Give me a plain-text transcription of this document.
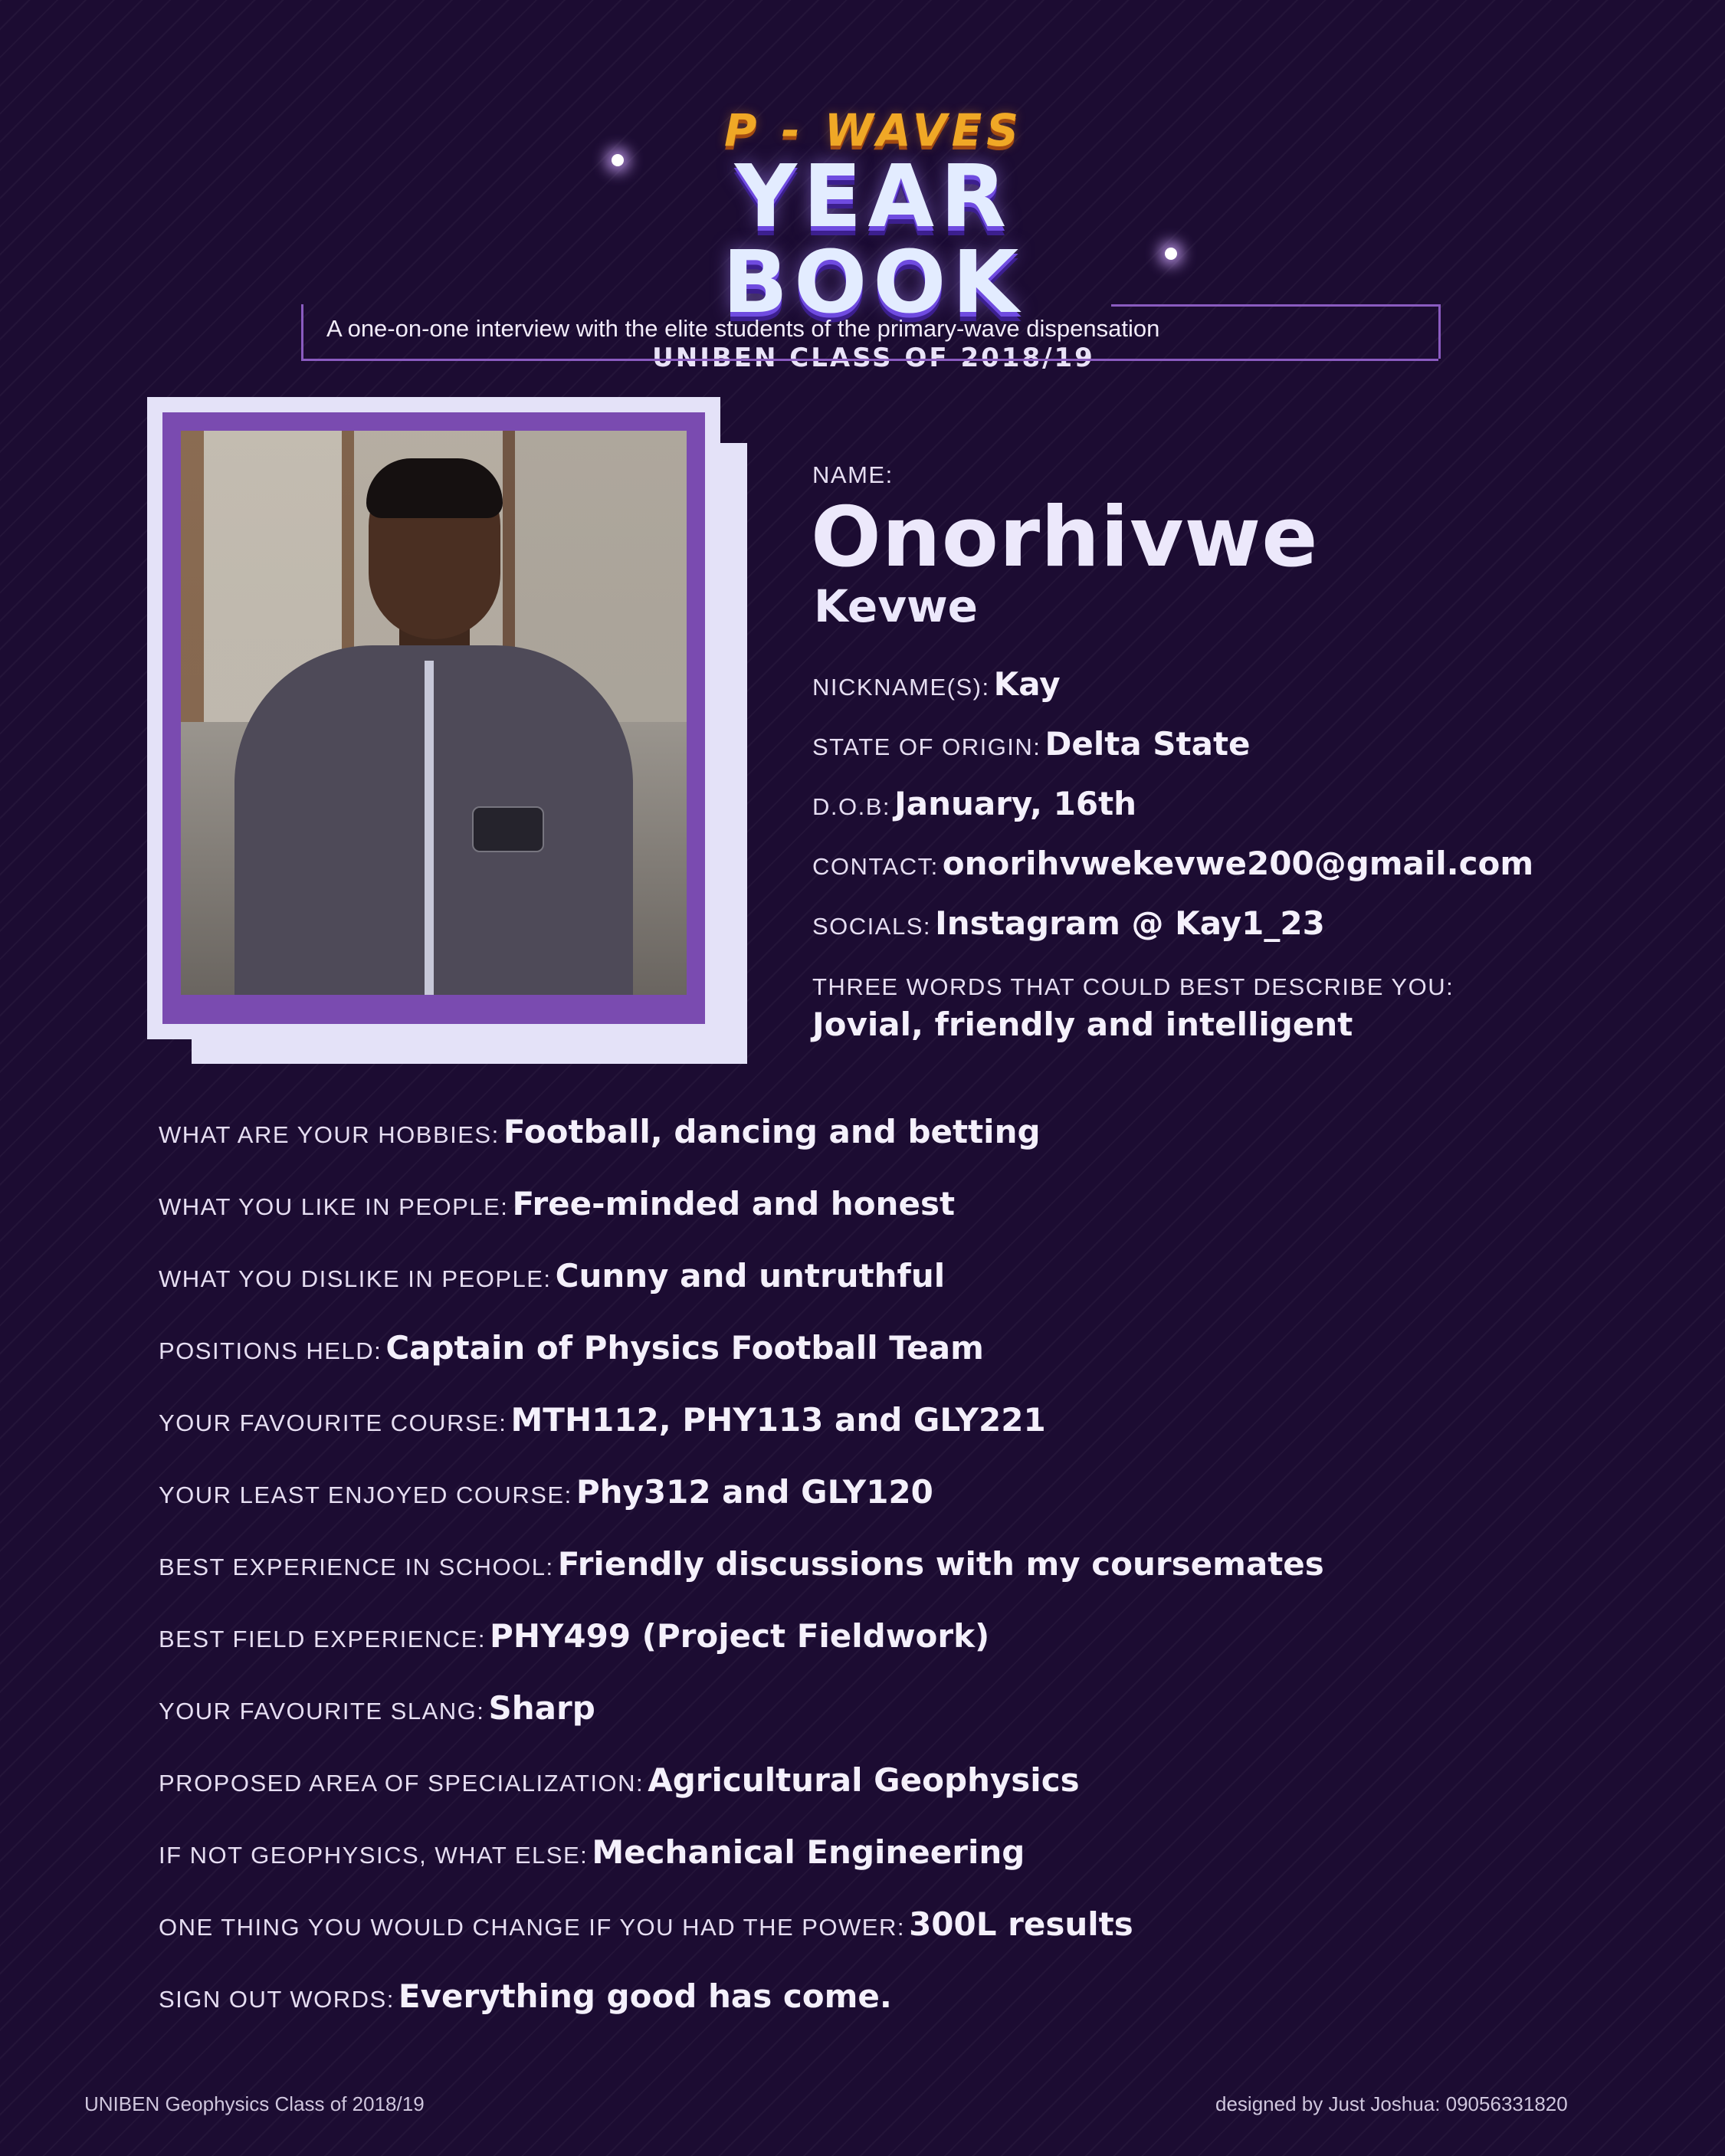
P - WAVES
YEAR BOOK
UNIBEN CLASS OF 2018/19
A one-on-one interview with the elite students of the primary-wave dispensation
NAME:
Onorhivwe
Kevwe
NICKNAME(S): Kay
STATE OF ORIGIN: Delta State
D.O.B: January, 16th
CONTACT: onorihvwekevwe200@gmail.com
SOCIALS: Instagram @ Kay1_23
THREE WORDS THAT COULD BEST DESCRIBE YOU:
Jovial, friendly and intelligent
WHAT ARE YOUR HOBBIES: Football, dancing and betting
WHAT YOU LIKE IN PEOPLE: Free-minded and honest
WHAT YOU DISLIKE IN PEOPLE: Cunny and untruthful
POSITIONS HELD: Captain of Physics Football Team
YOUR FAVOURITE COURSE: MTH112, PHY113 and GLY221
YOUR LEAST ENJOYED COURSE: Phy312 and GLY120
BEST EXPERIENCE IN SCHOOL: Friendly discussions with my coursemates
BEST FIELD EXPERIENCE: PHY499 (Project Fieldwork)
YOUR FAVOURITE SLANG: Sharp
PROPOSED AREA OF SPECIALIZATION: Agricultural Geophysics
IF NOT GEOPHYSICS, WHAT ELSE: Mechanical Engineering
ONE THING YOU WOULD CHANGE IF YOU HAD THE POWER: 300L results
SIGN OUT WORDS: Everything good has come.
UNIBEN Geophysics Class of 2018/19	designed by Just Joshua: 09056331820
